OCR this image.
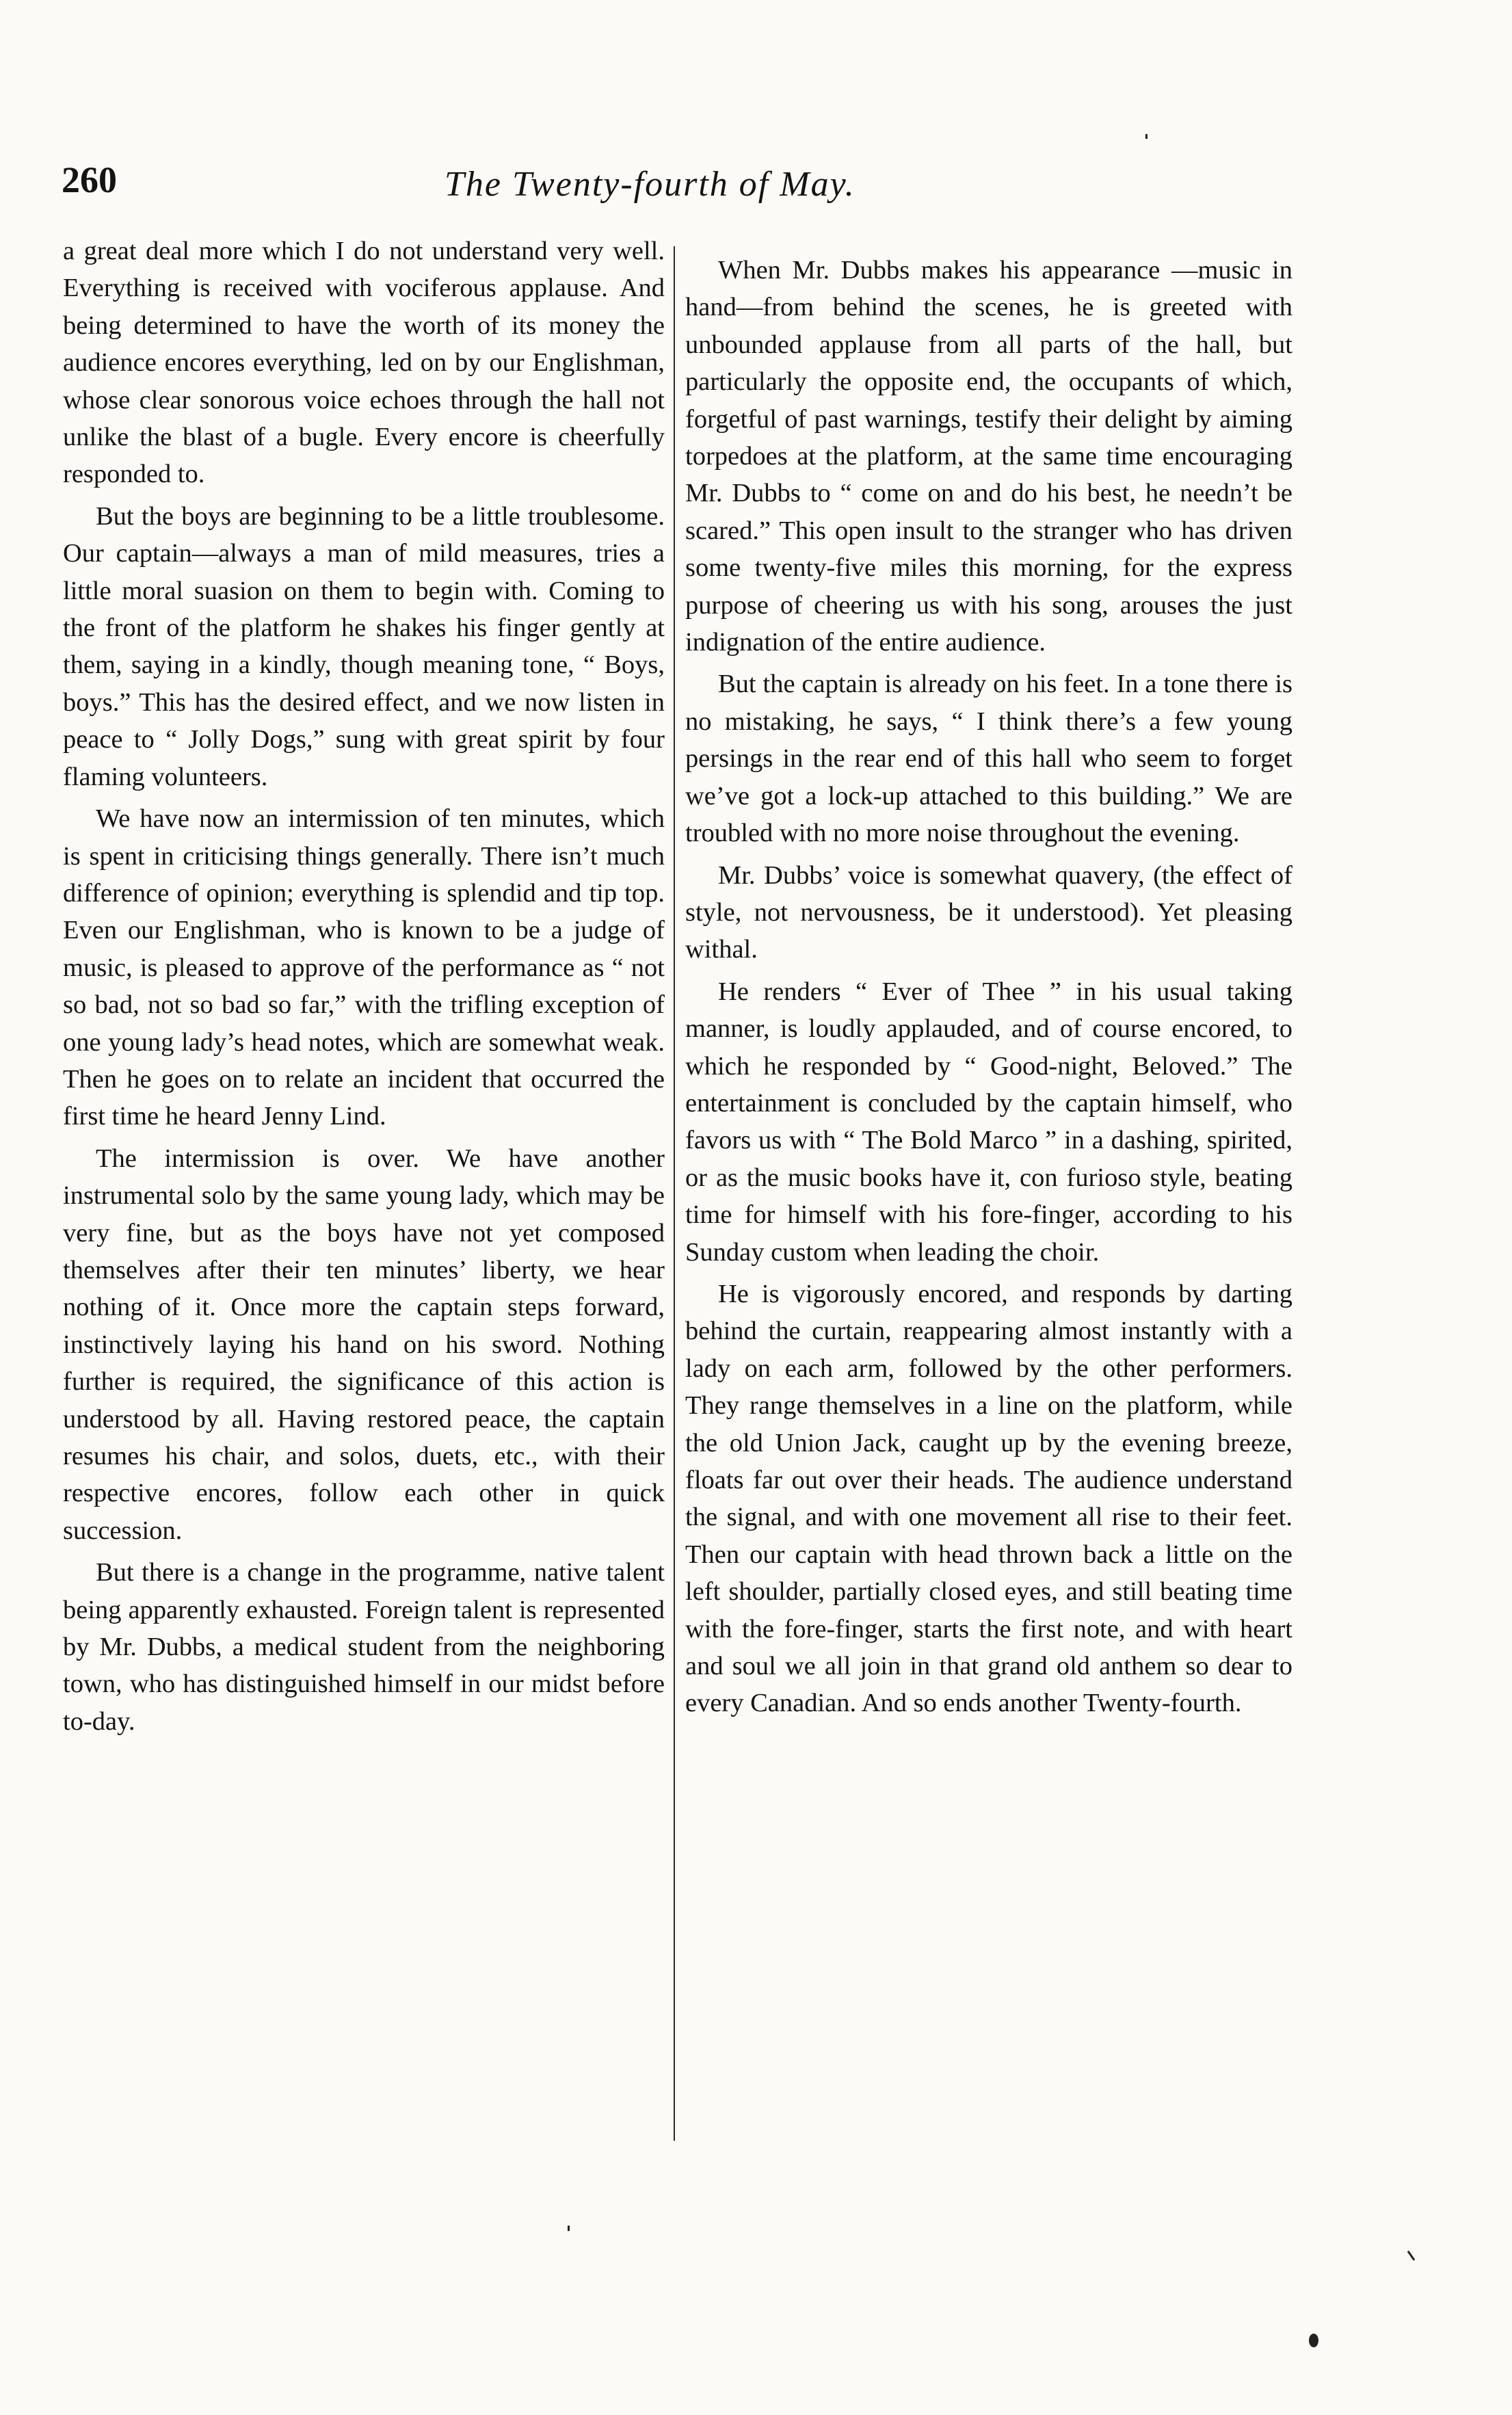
260	The Twenty-fourth of May.

a great deal more which I do not understand very well. Everything is received with vociferous applause. And being determined to have the worth of its money the audience encores everything, led on by our Englishman, whose clear sonorous voice echoes through the hall not unlike the blast of a bugle. Every encore is cheerfully responded to.

But the boys are beginning to be a little troublesome. Our captain—always a man of mild measures, tries a little moral suasion on them to begin with. Coming to the front of the platform he shakes his finger gently at them, saying in a kindly, though meaning tone, “ Boys, boys.” This has the desired effect, and we now listen in peace to “ Jolly Dogs,” sung with great spirit by four flaming volunteers.

We have now an intermission of ten minutes, which is spent in criticising things generally. There isn’t much difference of opinion; everything is splendid and tip top. Even our Englishman, who is known to be a judge of music, is pleased to approve of the performance as “ not so bad, not so bad so far,” with the trifling exception of one young lady’s head notes, which are somewhat weak. Then he goes on to relate an incident that occurred the first time he heard Jenny Lind.

The intermission is over. We have another instrumental solo by the same young lady, which may be very fine, but as the boys have not yet composed themselves after their ten minutes’ liberty, we hear nothing of it. Once more the captain steps forward, instinctively laying his hand on his sword. Nothing further is required, the significance of this action is understood by all. Having restored peace, the captain resumes his chair, and solos, duets, etc., with their respective encores, follow each other in quick succession.

But there is a change in the programme, native talent being apparently exhausted. Foreign talent is represented by Mr. Dubbs, a medical student from the neighboring town, who has distinguished himself in our midst before to-day.

When Mr. Dubbs makes his appearance —music in hand—from behind the scenes, he is greeted with unbounded applause from all parts of the hall, but particularly the opposite end, the occupants of which, forgetful of past warnings, testify their delight by aiming torpedoes at the platform, at the same time encouraging Mr. Dubbs to “ come on and do his best, he needn’t be scared.” This open insult to the stranger who has driven some twenty-five miles this morning, for the express purpose of cheering us with his song, arouses the just indignation of the entire audience.

But the captain is already on his feet. In a tone there is no mistaking, he says, “ I think there’s a few young persings in the rear end of this hall who seem to forget we’ve got a lock-up attached to this building.” We are troubled with no more noise throughout the evening.

Mr. Dubbs’ voice is somewhat quavery, (the effect of style, not nervousness, be it understood). Yet pleasing withal.

He renders “ Ever of Thee ” in his usual taking manner, is loudly applauded, and of course encored, to which he responded by “ Good-night, Beloved.” The entertainment is concluded by the captain himself, who favors us with “ The Bold Marco ” in a dashing, spirited, or as the music books have it, con furioso style, beating time for himself with his fore-finger, according to his Sunday custom when leading the choir.

He is vigorously encored, and responds by darting behind the curtain, reappearing almost instantly with a lady on each arm, followed by the other performers. They range themselves in a line on the platform, while the old Union Jack, caught up by the evening breeze, floats far out over their heads. The audience understand the signal, and with one movement all rise to their feet. Then our captain with head thrown back a little on the left shoulder, partially closed eyes, and still beating time with the fore-finger, starts the first note, and with heart and soul we all join in that grand old anthem so dear to every Canadian. And so ends another Twenty-fourth.
